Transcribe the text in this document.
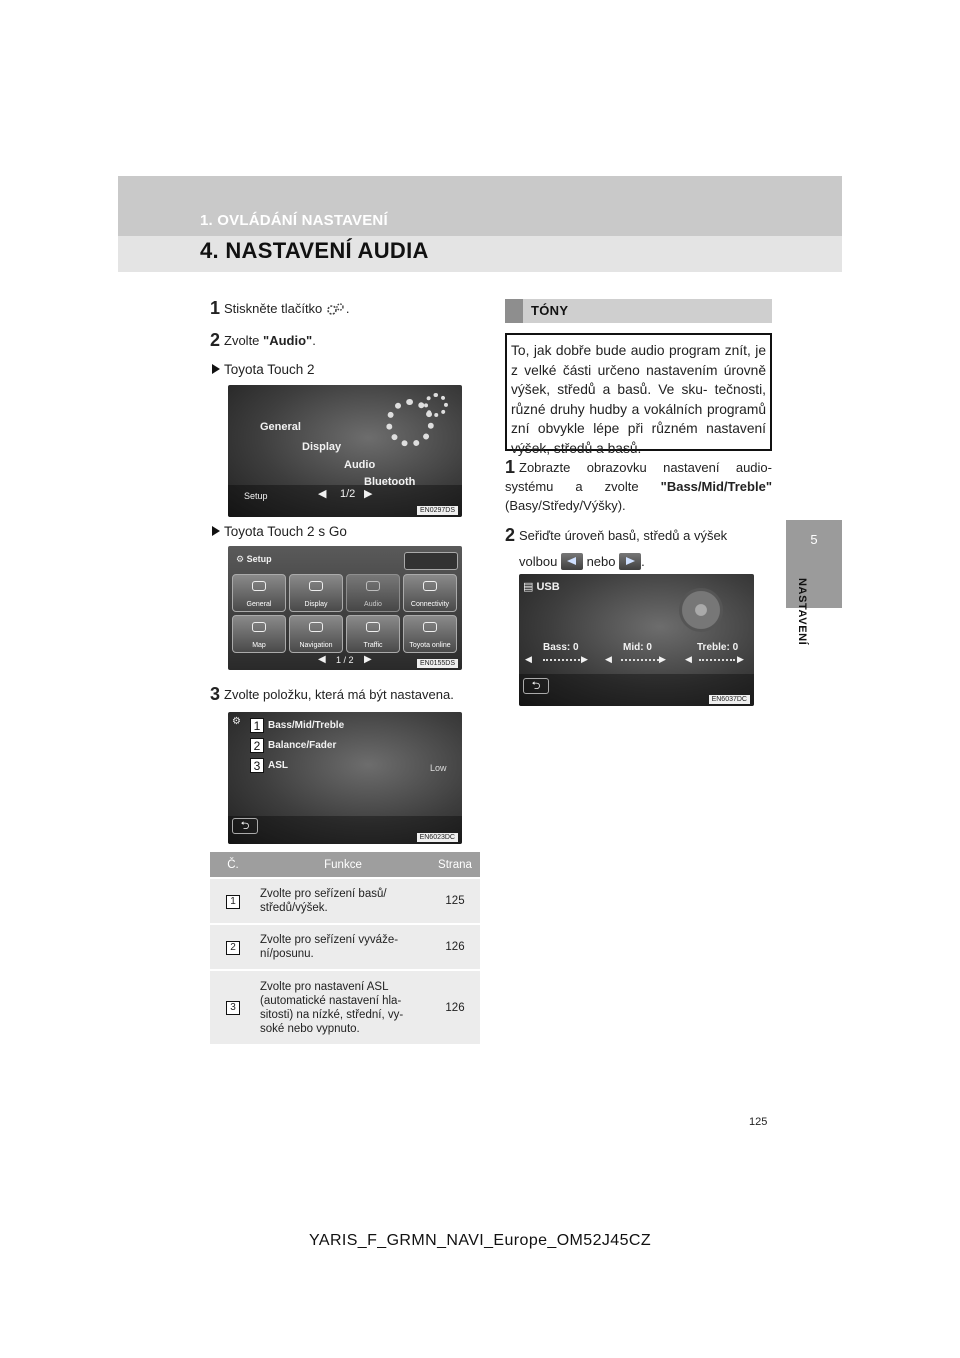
1. OVLÁDÁNÍ NASTAVENÍ
4. NASTAVENÍ AUDIA
5
NASTAVENÍ
1 Stiskněte tlačítko .
2 Zvolte "Audio".
Toyota Touch 2
General
Display
Audio
Bluetooth
Setup	◀ 1/2 ▶
EN0297DS
Toyota Touch 2 s Go
⚙ Setup
General	Display	Audio	Connectivity
Map	Navigation	Traffic	Toyota online
◀ 1 / 2 ▶	EN0155DS
3 Zvolte položku, která má být nastavena.
⚙	1 Bass/Mid/Treble
2 Balance/Fader
3 ASL	Low
⮌
EN6023DC
Č.	Funkce	Strana
1	Zvolte pro seřízení basů/ středů/výšek.	125
2	Zvolte pro seřízení vyváže- ní/posunu.	126
3	Zvolte pro nastavení ASL (automatické nastavení hla- sitosti) na nízké, střední, vy- soké nebo vypnuto.	126
TÓNY
To, jak dobře bude audio program znít, je z velké části určeno nastavením úrovně výšek, středů a basů. Ve sku- tečnosti, různé druhy hudby a vokálních programů zní obvykle lépe při různém nastavení výšek, středů a basů.
1 Zobrazte obrazovku nastavení audio- systému a zvolte "Bass/Mid/Treble" (Basy/Středy/Výšky).
2 Seřiďte úroveň basů, středů a výšek
volbou nebo .
▤ USB
Bass: 0	Mid: 0	Treble: 0
◀	▶ ◀	▶ ◀	▶
⮌
EN6037DC
125
YARIS_F_GRMN_NAVI_Europe_OM52J45CZ
